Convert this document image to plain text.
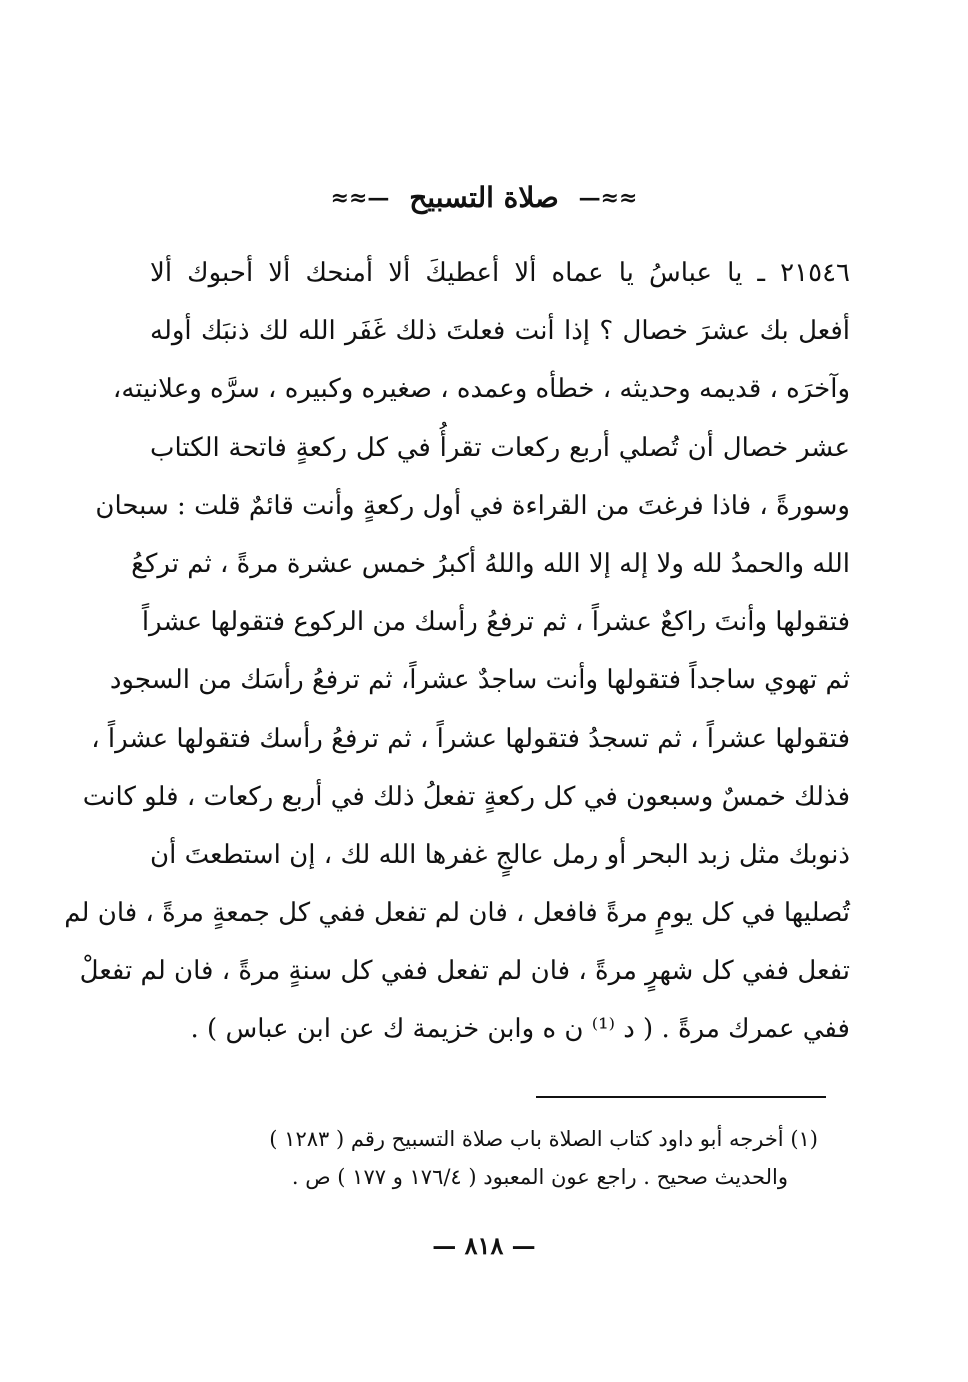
≈≈— صلاة التسبيح —≈≈
٢١٥٤٦ ـ يا عباسُ يا عماه ألا أعطيكَ ألا أمنحك ألا أحبوك ألا
أفعل بك عشرَ خصال ؟ إذا أنت فعلتَ ذلك غَفَر الله لك ذنبَك أوله
وآخرَه ، قديمه وحديثه ، خطأه وعمده ، صغيره وكبيره ، سرَّه وعلانيته،
عشر خصال أن تُصلي أربع ركعات تقرأُ في كل ركعةٍ فاتحة الكتاب
وسورةً ، فاذا فرغتَ من القراءة في أول ركعةٍ وأنت قائمٌ قلت : سبحان
الله والحمدُ لله ولا إله إلا الله واللهُ أكبرُ خمس عشرة مرةً ، ثم تركعُ
فتقولها وأنتَ راكعٌ عشراً ، ثم ترفعُ رأسك من الركوع فتقولها عشراً
ثم تهوي ساجداً فتقولها وأنت ساجدٌ عشراً، ثم ترفعُ رأسَك من السجود
فتقولها عشراً ، ثم تسجدُ فتقولها عشراً ، ثم ترفعُ رأسك فتقولها عشراً ،
فذلك خمسٌ وسبعون في كل ركعةٍ تفعلُ ذلك في أربع ركعات ، فلو كانت
ذنوبك مثل زبد البحر أو رمل عالجٍ غفرها الله لك ، إن استطعتَ أن
تُصليها في كل يومٍ مرةً فافعل ، فان لم تفعل ففي كل جمعةٍ مرةً ، فان لم
تفعل ففي كل شهرٍ مرةً ، فان لم تفعل ففي كل سنةٍ مرةً ، فان لم تفعلْ
ففي عمرك مرةً . ( د ⁽¹⁾ ن ه وابن خزيمة ك عن ابن عباس ) .
(١) أخرجه أبو داود كتاب الصلاة باب صلاة التسبيح رقم ( ١٢٨٣ )
والحديث صحيح . راجع عون المعبود ( ١٧٦/٤ و ١٧٧ ) ص .
— ٨١٨ —
